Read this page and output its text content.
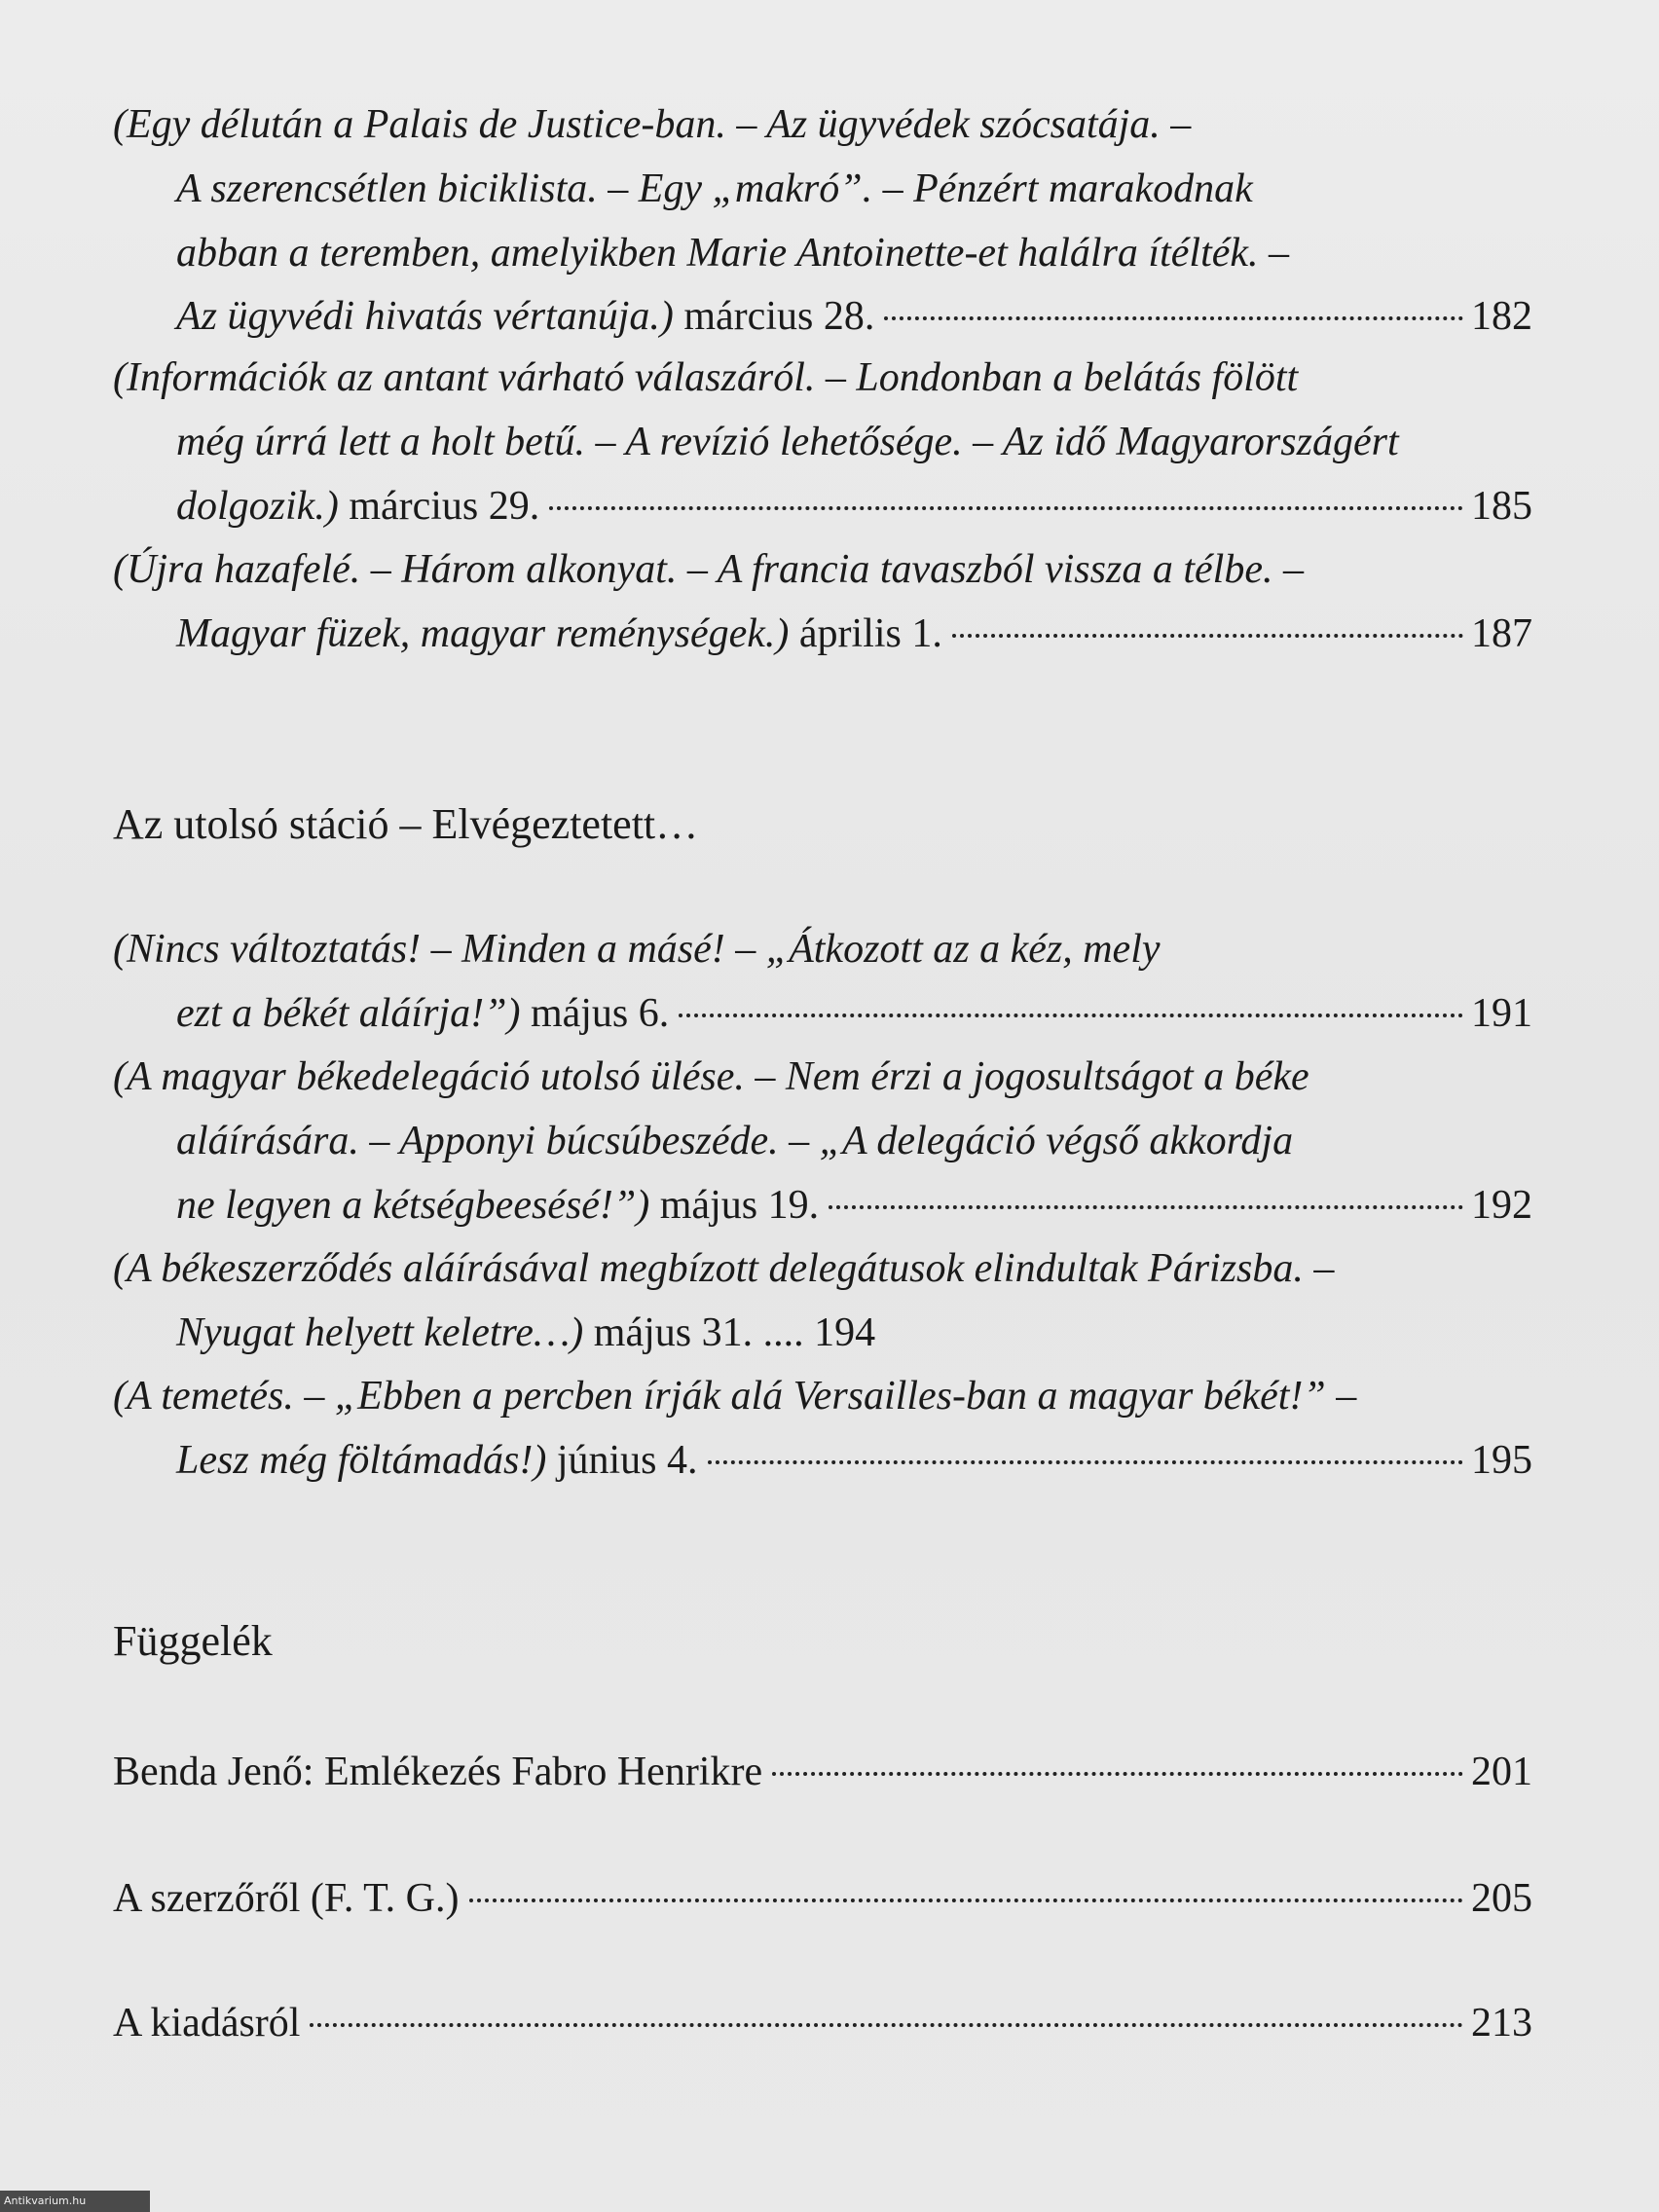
(Egy délután a Palais de Justice-ban. – Az ügyvédek szócsatája. –
A szerencsétlen biciklista. – Egy „makró”. – Pénzért marakodnak
abban a teremben, amelyikben Marie Antoinette-et halálra ítélték. –
Az ügyvédi hivatás vértanúja.) március 28.	182
(Információk az antant várható válaszáról. – Londonban a belátás fölött
még úrrá lett a holt betű. – A revízió lehetősége. – Az idő Magyarországért
dolgozik.) március 29.	185
(Újra hazafelé. – Három alkonyat. – A francia tavaszból vissza a télbe. –
Magyar füzek, magyar reménységek.) április 1.	187
Az utolsó stáció – Elvégeztetett…
(Nincs változtatás! – Minden a másé! – „Átkozott az a kéz, mely
ezt a békét aláírja!”) május 6.	191
(A magyar békedelegáció utolsó ülése. – Nem érzi a jogosultságot a béke
aláírására. – Apponyi búcsúbeszéde. – „A delegáció végső akkordja
ne legyen a kétségbeesésé!”) május 19.	192
(A békeszerződés aláírásával megbízott delegátusok elindultak Párizsba. –
Nyugat helyett keletre…) május 31. .... 194
(A temetés. – „Ebben a percben írják alá Versailles-ban a magyar békét!” –
Lesz még föltámadás!) június 4.	195
Függelék
Benda Jenő: Emlékezés Fabro Henrikre	201
A szerzőről (F. T. G.)	205
A kiadásról	213
Antikvarium.hu
